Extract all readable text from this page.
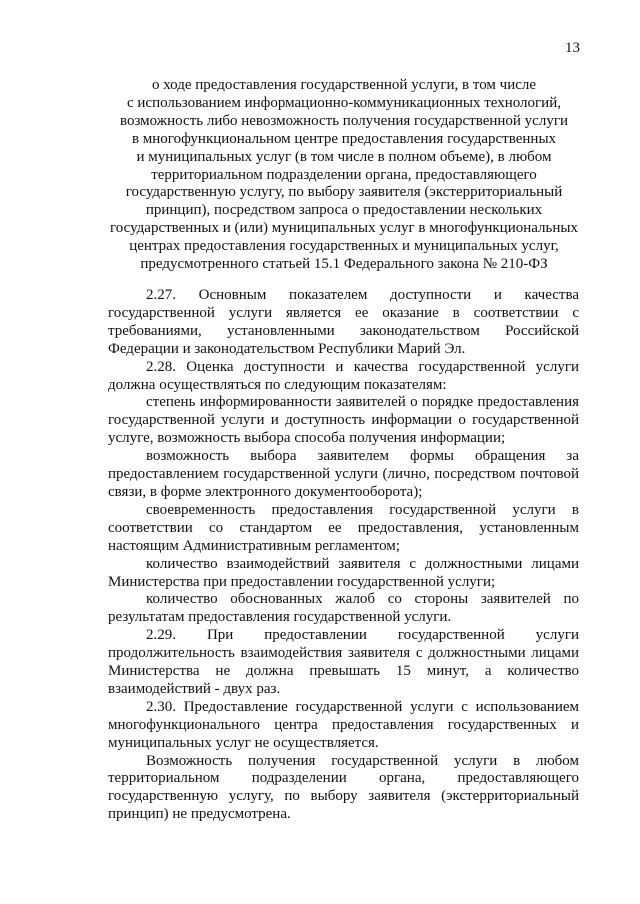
13
о ходе предоставления государственной услуги, в том числе
с использованием информационно-коммуникационных технологий,
возможность либо невозможность получения государственной услуги
в многофункциональном центре предоставления государственных
и муниципальных услуг (в том числе в полном объеме), в любом
территориальном подразделении органа, предоставляющего
государственную услугу, по выбору заявителя (экстерриториальный
принцип), посредством запроса о предоставлении нескольких
государственных и (или) муниципальных услуг в многофункциональных
центрах предоставления государственных и муниципальных услуг,
предусмотренного статьей 15.1 Федерального закона № 210-ФЗ

2.27. Основным показателем доступности и качества государственной услуги является ее оказание в соответствии с требованиями, установленными законодательством Российской Федерации и законодательством Республики Марий Эл.

2.28. Оценка доступности и качества государственной услуги должна осуществляться по следующим показателям:

степень информированности заявителей о порядке предоставления государственной услуги и доступность информации о государственной услуге, возможность выбора способа получения информации;

возможность выбора заявителем формы обращения за предоставлением государственной услуги (лично, посредством почтовой связи, в форме электронного документооборота);

своевременность предоставления государственной услуги в соответствии со стандартом ее предоставления, установленным настоящим Административным регламентом;

количество взаимодействий заявителя с должностными лицами Министерства при предоставлении государственной услуги;

количество обоснованных жалоб со стороны заявителей по результатам предоставления государственной услуги.

2.29. При предоставлении государственной услуги продолжительность взаимодействия заявителя с должностными лицами Министерства не должна превышать 15 минут, а количество взаимодействий - двух раз.

2.30. Предоставление государственной услуги с использованием многофункционального центра предоставления государственных и муниципальных услуг не осуществляется.

Возможность получения государственной услуги в любом территориальном подразделении органа, предоставляющего государственную услугу, по выбору заявителя (экстерриториальный принцип) не предусмотрена.
